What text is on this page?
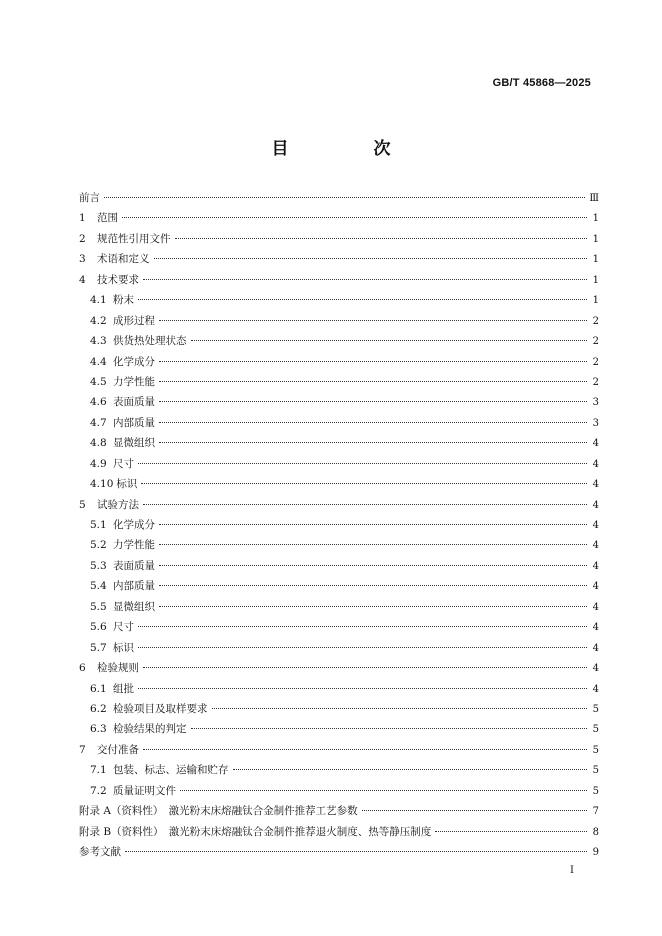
GB/T 45868—2025
目　次
前言	Ⅲ
1	范围	1
2	规范性引用文件	1
3	术语和定义	1
4	技术要求	1
4.1 粉末	1
4.2 成形过程	2
4.3 供货热处理状态	2
4.4 化学成分	2
4.5 力学性能	2
4.6 表面质量	3
4.7 内部质量	3
4.8 显微组织	4
4.9 尺寸	4
4.10 标识	4
5	试验方法	4
5.1 化学成分	4
5.2 力学性能	4
5.3 表面质量	4
5.4 内部质量	4
5.5 显微组织	4
5.6 尺寸	4
5.7 标识	4
6	检验规则	4
6.1 组批	4
6.2 检验项目及取样要求	5
6.3 检验结果的判定	5
7	交付准备	5
7.1 包装、标志、运输和贮存	5
7.2 质量证明文件	5
附录 A（资料性）　激光粉末床熔融钛合金制件推荐工艺参数	7
附录 B（资料性）　激光粉末床熔融钛合金制件推荐退火制度、热等静压制度	8
参考文献	9
I
